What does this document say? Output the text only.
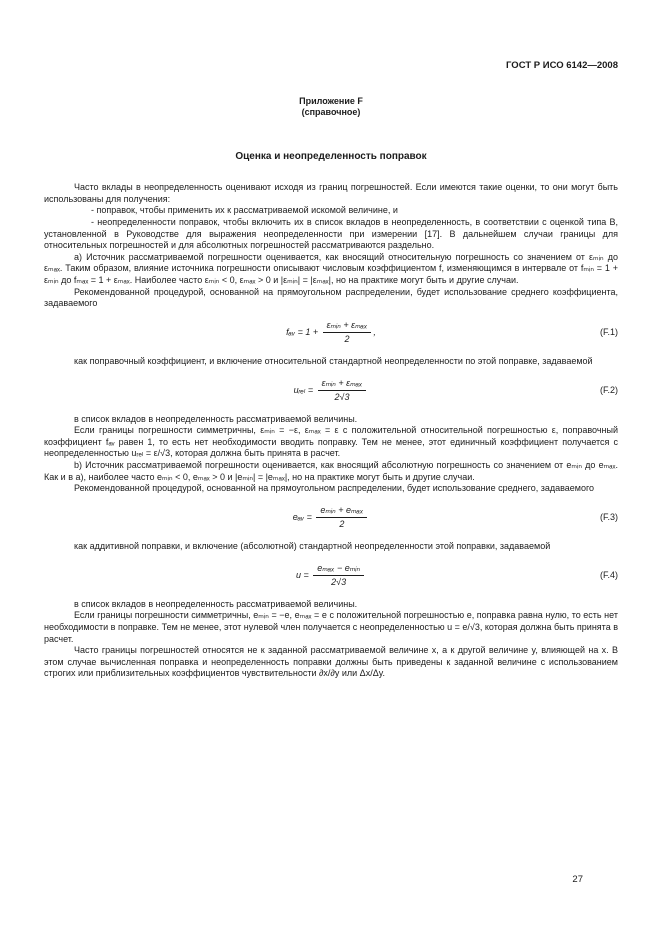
ГОСТ Р ИСО 6142—2008
Приложение F
(справочное)
Оценка и неопределенность поправок

Часто вклады в неопределенность оценивают исходя из границ погрешностей. Если имеются такие оценки, то они могут быть использованы для получения:

- поправок, чтобы применить их к рассматриваемой искомой величине, и

- неопределенности поправок, чтобы включить их в список вкладов в неопределенность, в соответствии с оценкой типа В, установленной в Руководстве для выражения неопределенности при измерении [17]. В дальнейшем случаи границы для относительных погрешностей и для абсолютных погрешностей рассматриваются раздельно.

а) Источник рассматриваемой погрешности оценивается, как вносящий относительную погрешность со значением от εₘᵢₙ до εₘₐₓ. Таким образом, влияние источника погрешности описывают числовым коэффициентом f, изменяющимся в интервале от fₘᵢₙ = 1 + εₘᵢₙ до fₘₐₓ = 1 + εₘₐₓ. Наиболее часто εₘᵢₙ < 0, εₘₐₓ > 0 и |εₘᵢₙ| = |εₘₐₓ|, но на практике могут быть и другие случаи.

Рекомендованной процедурой, основанной на прямоугольном распределении, будет использование среднего коэффициента, задаваемого

fₐᵥ = $1 + \frac{\text{εₘᵢₙ + εₘₐₓ}}{2}$ ,	(F.1)

как поправочный коэффициент, и включение относительной стандартной неопределенности по этой поправке, задаваемой

uᵣₑₗ = $\frac{\text{εₘᵢₙ + εₘₐₓ}}{2√3}$	(F.2)

в список вкладов в неопределенность рассматриваемой величины.

Если границы погрешности симметричны, εₘᵢₙ = −ε, εₘₐₓ = ε с положительной относительной погрешностью ε, поправочный коэффициент fₐᵥ равен 1, то есть нет необходимости вводить поправку. Тем не менее, этот единичный коэффициент получается с неопределенностью uᵣₑₗ = ε/√3, которая должна быть принята в расчет.

b) Источник рассматриваемой погрешности оценивается, как вносящий абсолютную погрешность со значением от eₘᵢₙ до eₘₐₓ. Как и в а), наиболее часто eₘᵢₙ < 0, eₘₐₓ > 0 и |eₘᵢₙ| = |eₘₐₓ|, но на практике могут быть и другие случаи.

Рекомендованной процедурой, основанной на прямоугольном распределении, будет использование среднего, задаваемого

eₐᵥ = $\frac{\text{eₘᵢₙ + eₘₐₓ}}{2}$	(F.3)

как аддитивной поправки, и включение (абсолютной) стандартной неопределенности этой поправки, задаваемой

$u = \frac{\text{eₘₐₓ − eₘᵢₙ}}{2√3}$	(F.4)

в список вкладов в неопределенность рассматриваемой величины.

Если границы погрешности симметричны, eₘᵢₙ = −e, eₘₐₓ = e с положительной погрешностью e, поправка равна нулю, то есть нет необходимости в поправке. Тем не менее, этот нулевой член получается с неопределенностью u = e/√3, которая должна быть принята в расчет.

Часто границы погрешностей относятся не к заданной рассматриваемой величине x, а к другой величине y, влияющей на x. В этом случае вычисленная поправка и неопределенность поправки должны быть приведены к заданной величине с использованием строгих или приблизительных коэффициентов чувствительности ∂x/∂y или Δx/Δy.

27
